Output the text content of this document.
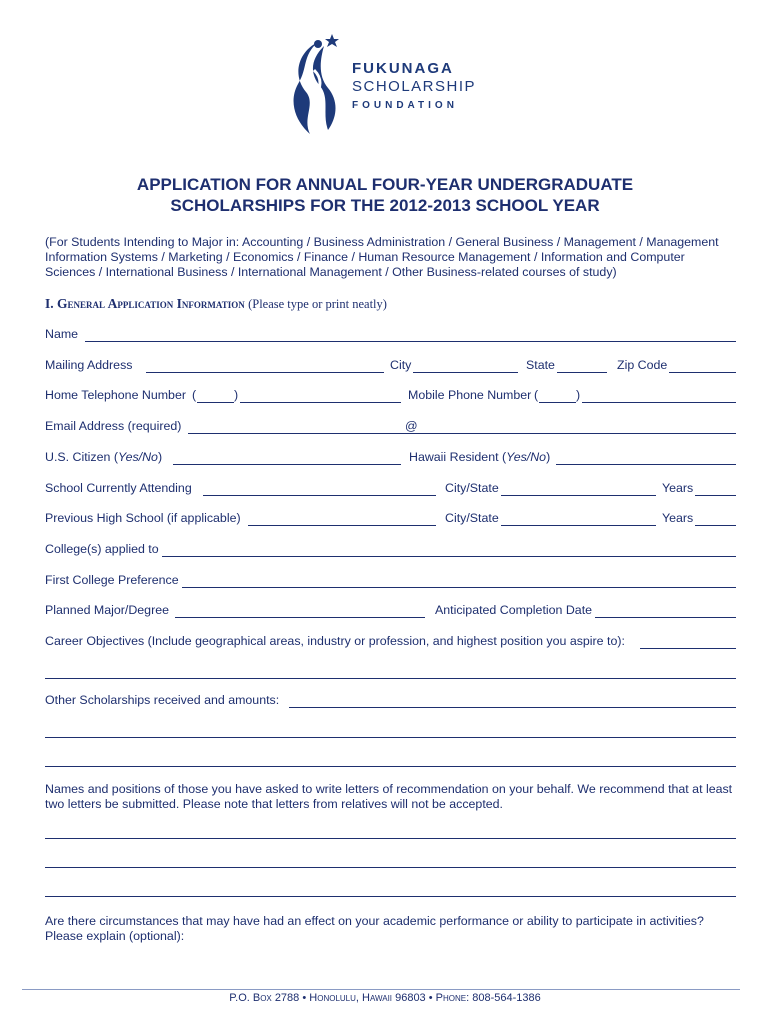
FUKUNAGA
SCHOLARSHIP
FOUNDATION
APPLICATION FOR ANNUAL FOUR-YEAR UNDERGRADUATE
SCHOLARSHIPS FOR THE 2012-2013 SCHOOL YEAR
(For Students Intending to Major in: Accounting / Business Administration / General Business / Management / Management Information Systems / Marketing / Economics / Finance / Human Resource Management / Information and Computer Sciences / International Business / International Management / Other Business-related courses of study)
I. General Application Information (Please type or print neatly)
Name
Mailing Address	City	State	Zip Code
Home Telephone Number (	)	Mobile Phone Number (	)
Email Address (required)	@
U.S. Citizen (Yes/No)	Hawaii Resident (Yes/No)
School Currently Attending	City/State	Years
Previous High School (if applicable)	City/State	Years
College(s) applied to
First College Preference
Planned Major/Degree	Anticipated Completion Date
Career Objectives (Include geographical areas, industry or profession, and highest position you aspire to):
Other Scholarships received and amounts:
Names and positions of those you have asked to write letters of recommendation on your behalf. We recommend that at least two letters be submitted. Please note that letters from relatives will not be accepted.
Are there circumstances that may have had an effect on your academic performance or ability to participate in activities? Please explain (optional):
P.O. Box 2788 • Honolulu, Hawaii 96803 • Phone: 808-564-1386
